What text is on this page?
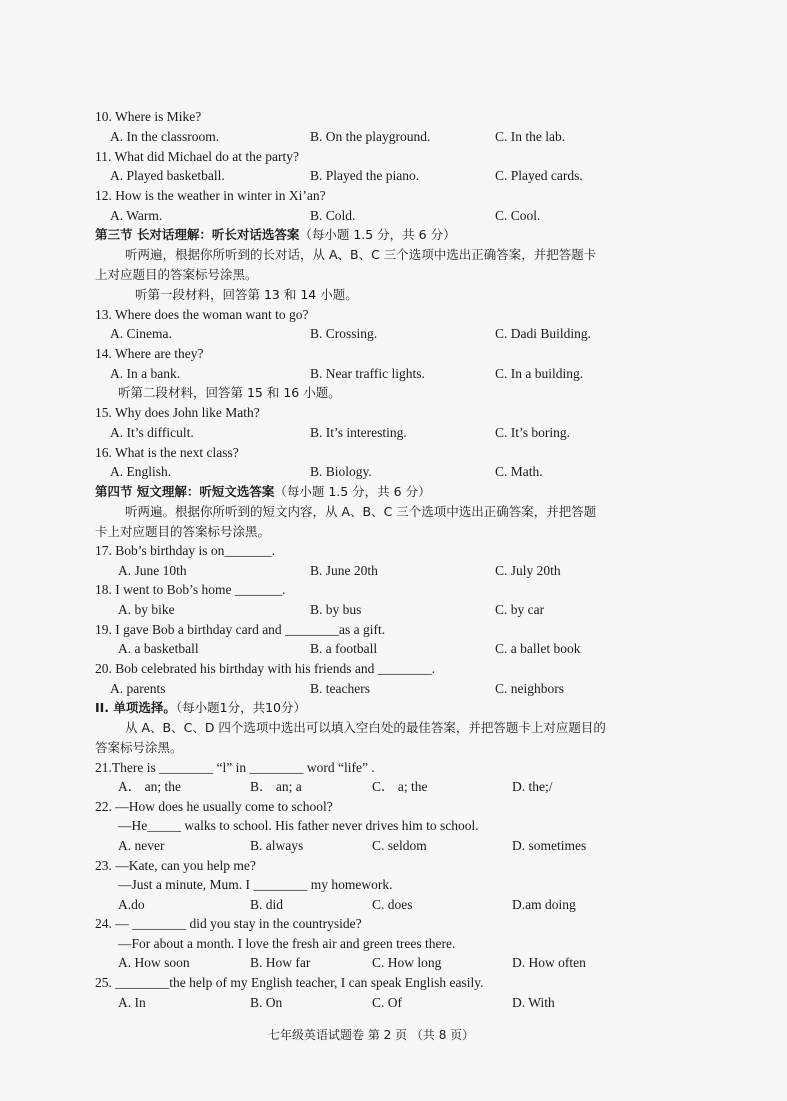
10. Where is Mike?
A. In the classroom.	B. On the playground.	C. In the lab.
11. What did Michael do at the party?
A. Played basketball.	B. Played the piano.	C. Played cards.
12. How is the weather in winter in Xi’an?
A. Warm.	B. Cold.	C. Cool.
第三节 长对话理解：听长对话选答案（每小题 1.5 分，共 6 分）
听两遍，根据你所听到的长对话，从 A、B、C 三个选项中选出正确答案，并把答题卡
上对应题目的答案标号涂黑。
听第一段材料，回答第 13 和 14 小题。
13. Where does the woman want to go?
A. Cinema.	B. Crossing.	C. Dadi Building.
14. Where are they?
A. In a bank.	B. Near traffic lights.	C. In a building.
听第二段材料，回答第 15 和 16 小题。
15. Why does John like Math?
A. It’s difficult.	B. It’s interesting.	C. It’s boring.
16. What is the next class?
A. English.	B. Biology.	C. Math.
第四节 短文理解：听短文选答案（每小题 1.5 分，共 6 分）
听两遍。根据你所听到的短文内容，从 A、B、C 三个选项中选出正确答案，并把答题
卡上对应题目的答案标号涂黑。
17. Bob’s birthday is on_______.
A. June 10th	B. June 20th	C. July 20th
18. I went to Bob’s home _______.
A. by bike	B. by bus	C. by car
19. I gave Bob a birthday card and ________as a gift.
A. a basketball	B. a football	C. a ballet book
20. Bob celebrated his birthday with his friends and ________.
A. parents	B. teachers	C. neighbors
II. 单项选择。（每小题1分，共10分）
从 A、B、C、D 四个选项中选出可以填入空白处的最佳答案，并把答题卡上对应题目的
答案标号涂黑。
21.There is ________ “l” in ________ word “life” .
A． an; the	B． an; a	C． a; the	D. the;/
22. —How does he usually come to school?
—He_____ walks to school. His father never drives him to school.
A. never	B. always	C. seldom	D. sometimes
23. —Kate, can you help me?
—Just a minute, Mum. I ________ my homework.
A.do	B. did	C. does	D.am doing
24. — ________ did you stay in the countryside?
—For about a month. I love the fresh air and green trees there.
A. How soon	B. How far	C. How long	D. How often
25. ________the help of my English teacher, I can speak English easily.
A. In	B. On	C. Of	D. With
七年级英语试题卷 第 2 页 （共 8 页）
